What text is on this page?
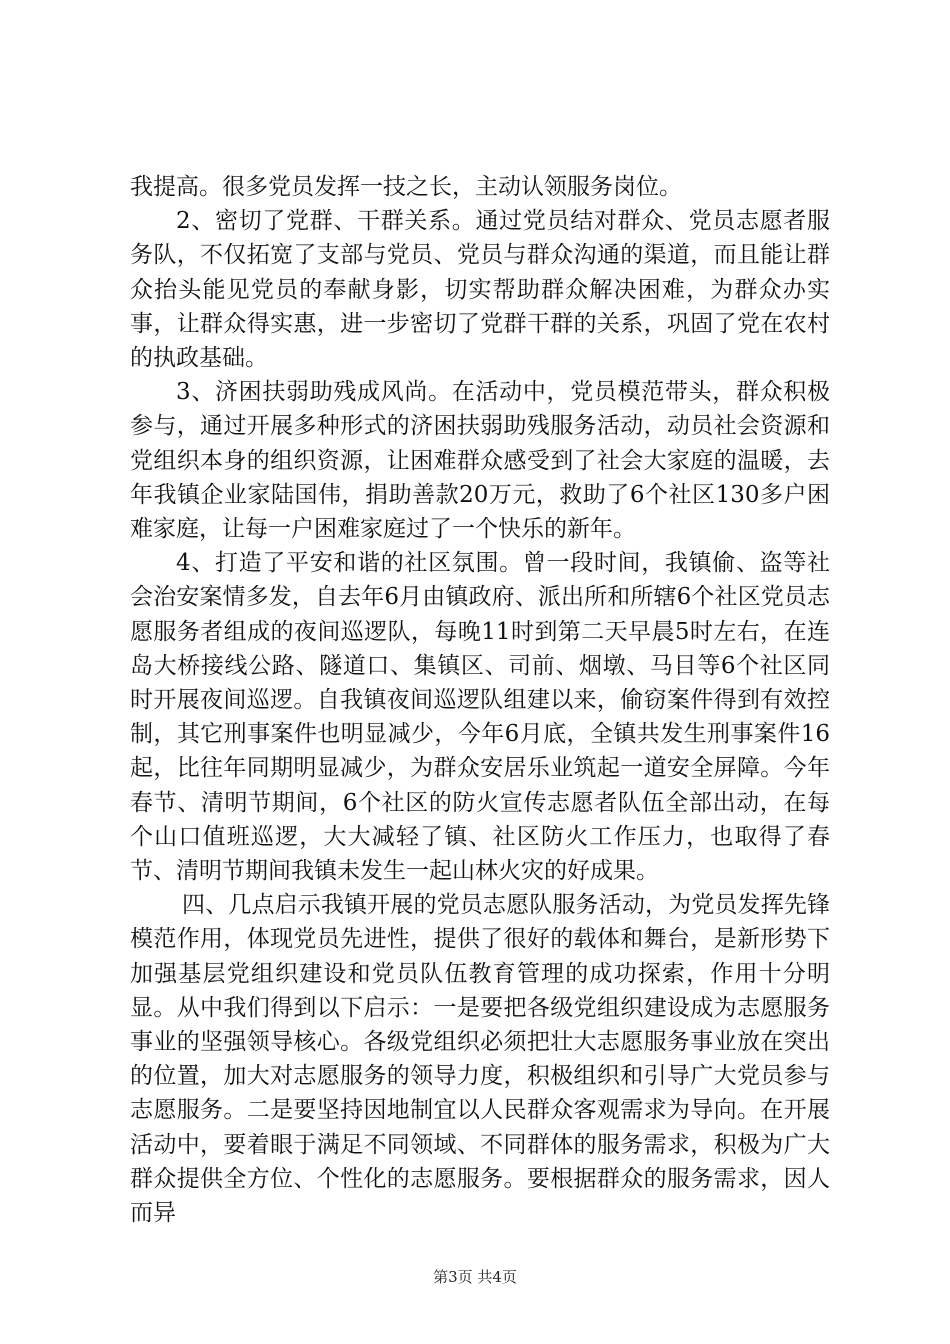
我提高。很多党员发挥一技之长，主动认领服务岗位。

2、密切了党群、干群关系。通过党员结对群众、党员志愿者服务队，不仅拓宽了支部与党员、党员与群众沟通的渠道，而且能让群众抬头能见党员的奉献身影，切实帮助群众解决困难，为群众办实事，让群众得实惠，进一步密切了党群干群的关系，巩固了党在农村的执政基础。

3、济困扶弱助残成风尚。在活动中，党员模范带头，群众积极参与，通过开展多种形式的济困扶弱助残服务活动，动员社会资源和党组织本身的组织资源，让困难群众感受到了社会大家庭的温暖，去年我镇企业家陆国伟，捐助善款20万元，救助了6个社区130多户困难家庭，让每一户困难家庭过了一个快乐的新年。

4、打造了平安和谐的社区氛围。曾一段时间，我镇偷、盗等社会治安案情多发，自去年6月由镇政府、派出所和所辖6个社区党员志愿服务者组成的夜间巡逻队，每晚11时到第二天早晨5时左右，在连岛大桥接线公路、隧道口、集镇区、司前、烟墩、马目等6个社区同时开展夜间巡逻。自我镇夜间巡逻队组建以来，偷窃案件得到有效控制，其它刑事案件也明显减少，今年6月底，全镇共发生刑事案件16起，比往年同期明显减少，为群众安居乐业筑起一道安全屏障。今年春节、清明节期间，6个社区的防火宣传志愿者队伍全部出动，在每个山口值班巡逻，大大减轻了镇、社区防火工作压力，也取得了春节、清明节期间我镇未发生一起山林火灾的好成果。

四、几点启示我镇开展的党员志愿队服务活动，为党员发挥先锋模范作用，体现党员先进性，提供了很好的载体和舞台，是新形势下加强基层党组织建设和党员队伍教育管理的成功探索，作用十分明显。从中我们得到以下启示：一是要把各级党组织建设成为志愿服务事业的坚强领导核心。各级党组织必须把壮大志愿服务事业放在突出的位置，加大对志愿服务的领导力度，积极组织和引导广大党员参与志愿服务。二是要坚持因地制宜以人民群众客观需求为导向。在开展活动中，要着眼于满足不同领域、不同群体的服务需求，积极为广大群众提供全方位、个性化的志愿服务。要根据群众的服务需求，因人而异

第3页 共4页
